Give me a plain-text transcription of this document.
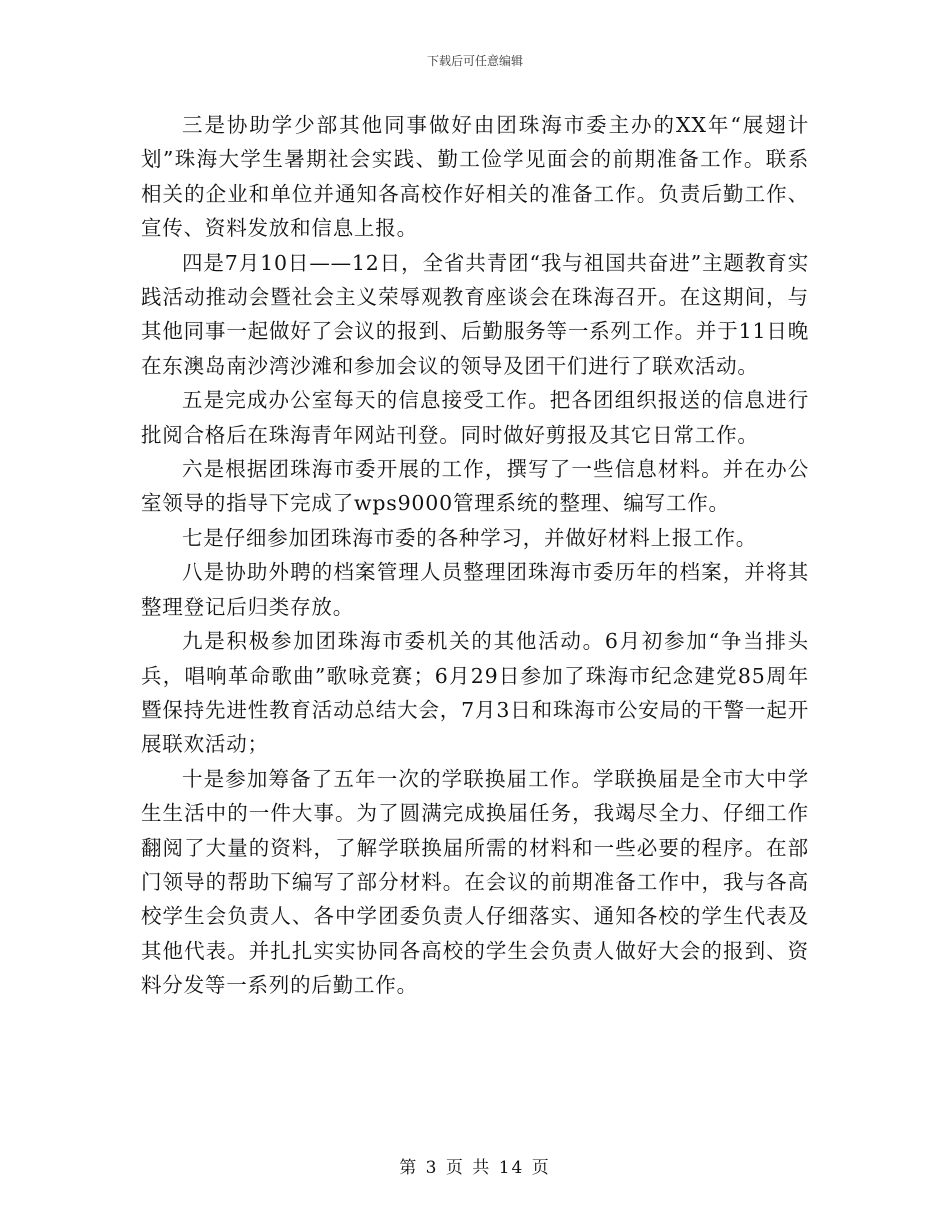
下载后可任意编辑

三是协助学少部其他同事做好由团珠海市委主办的XX年“展翅计划”珠海大学生暑期社会实践、勤工俭学见面会的前期准备工作。联系相关的企业和单位并通知各高校作好相关的准备工作。负责后勤工作、宣传、资料发放和信息上报。

四是7月10日——12日，全省共青团“我与祖国共奋进”主题教育实践活动推动会暨社会主义荣辱观教育座谈会在珠海召开。在这期间，与其他同事一起做好了会议的报到、后勤服务等一系列工作。并于11日晚在东澳岛南沙湾沙滩和参加会议的领导及团干们进行了联欢活动。

五是完成办公室每天的信息接受工作。把各团组织报送的信息进行批阅合格后在珠海青年网站刊登。同时做好剪报及其它日常工作。

六是根据团珠海市委开展的工作，撰写了一些信息材料。并在办公室领导的指导下完成了wps9000管理系统的整理、编写工作。

七是仔细参加团珠海市委的各种学习，并做好材料上报工作。

八是协助外聘的档案管理人员整理团珠海市委历年的档案，并将其整理登记后归类存放。

九是积极参加团珠海市委机关的其他活动。6月初参加“争当排头兵，唱响革命歌曲”歌咏竞赛；6月29日参加了珠海市纪念建党85周年暨保持先进性教育活动总结大会，7月3日和珠海市公安局的干警一起开展联欢活动；

十是参加筹备了五年一次的学联换届工作。学联换届是全市大中学生生活中的一件大事。为了圆满完成换届任务，我竭尽全力、仔细工作翻阅了大量的资料，了解学联换届所需的材料和一些必要的程序。在部门领导的帮助下编写了部分材料。在会议的前期准备工作中，我与各高校学生会负责人、各中学团委负责人仔细落实、通知各校的学生代表及其他代表。并扎扎实实协同各高校的学生会负责人做好大会的报到、资料分发等一系列的后勤工作。

第 3 页 共 14 页
